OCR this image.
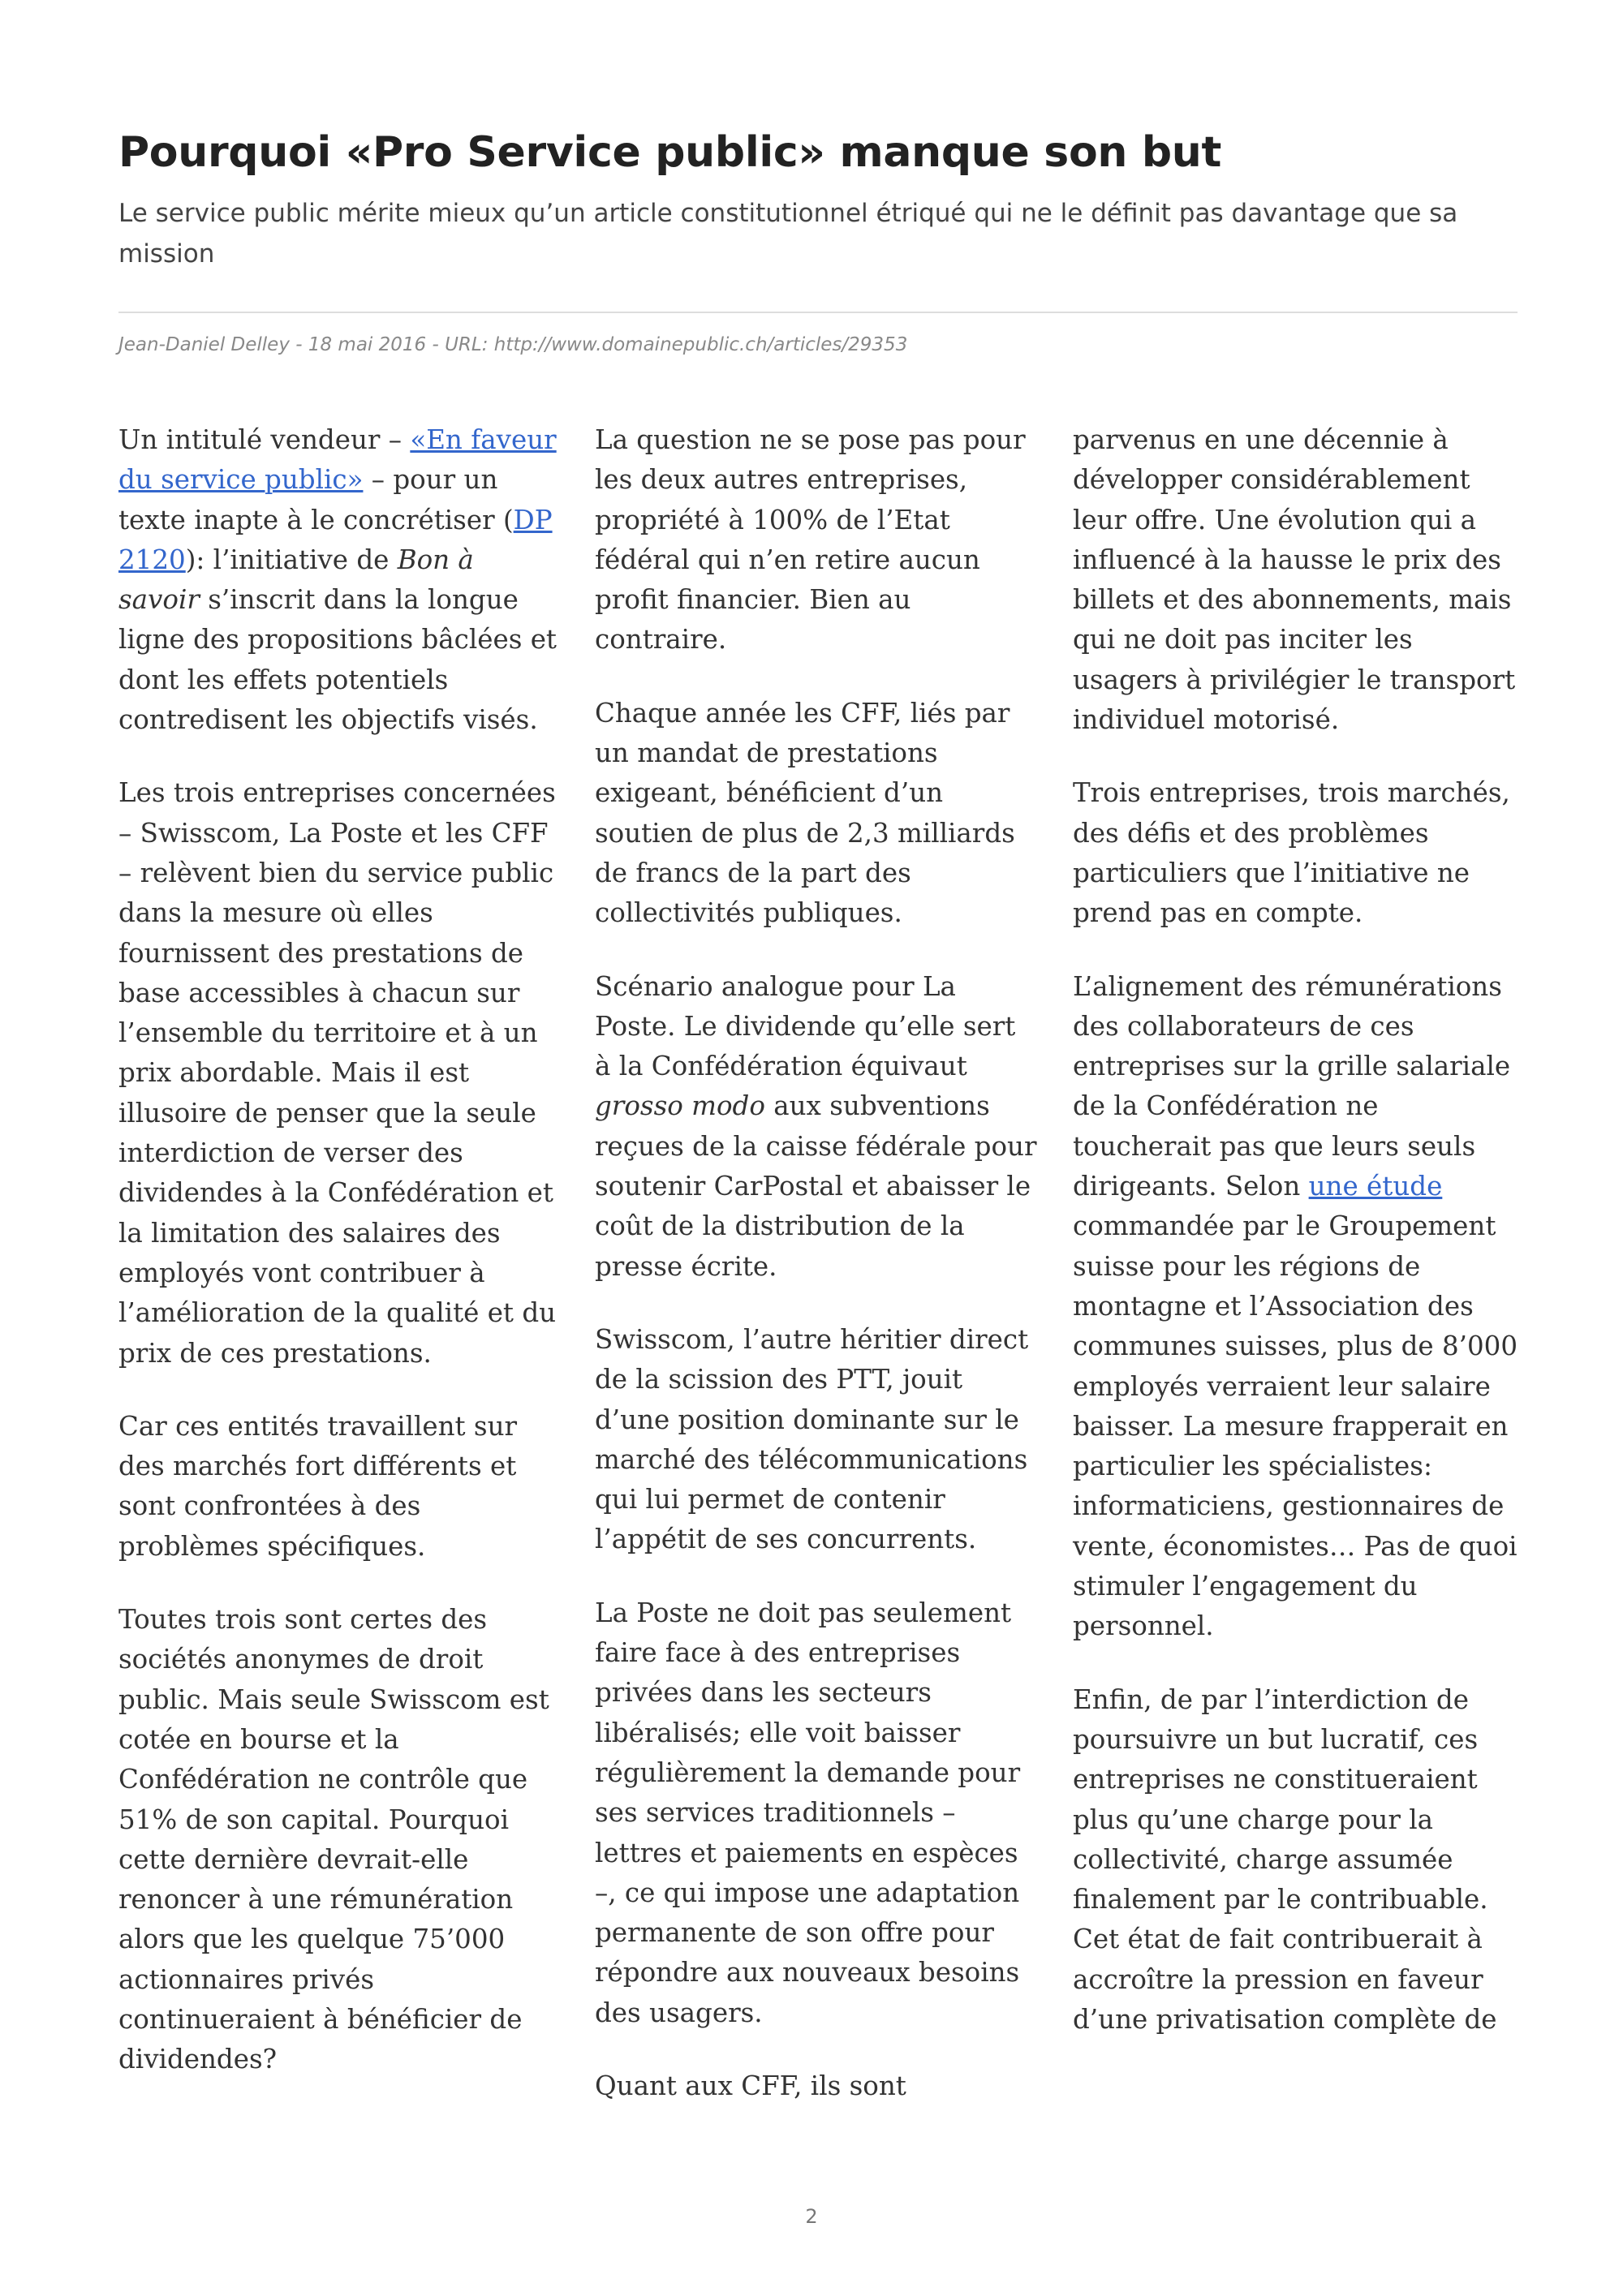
Pourquoi «Pro Service public» manque son but

Le service public mérite mieux qu’un article constitutionnel étriqué qui ne le définit pas davantage que sa mission

Jean-Daniel Delley - 18 mai 2016 - URL: http://www.domainepublic.ch/articles/29353

Un intitulé vendeur – «En faveur du service public» – pour un texte inapte à le concrétiser (DP 2120): l’initiative de Bon à savoir s’inscrit dans la longue ligne des propositions bâclées et dont les effets potentiels contredisent les objectifs visés.

Les trois entreprises concernées – Swisscom, La Poste et les CFF – relèvent bien du service public dans la mesure où elles fournissent des prestations de base accessibles à chacun sur l’ensemble du territoire et à un prix abordable. Mais il est illusoire de penser que la seule interdiction de verser des dividendes à la Confédération et la limitation des salaires des employés vont contribuer à l’amélioration de la qualité et du prix de ces prestations.

Car ces entités travaillent sur des marchés fort différents et sont confrontées à des problèmes spécifiques.

Toutes trois sont certes des sociétés anonymes de droit public. Mais seule Swisscom est cotée en bourse et la Confédération ne contrôle que 51% de son capital. Pourquoi cette dernière devrait-elle renoncer à une rémunération alors que les quelque 75’000 actionnaires privés continueraient à bénéficier de dividendes?

La question ne se pose pas pour les deux autres entreprises, propriété à 100% de l’Etat fédéral qui n’en retire aucun profit financier. Bien au contraire.

Chaque année les CFF, liés par un mandat de prestations exigeant, bénéficient d’un soutien de plus de 2,3 milliards de francs de la part des collectivités publiques.

Scénario analogue pour La Poste. Le dividende qu’elle sert à la Confédération équivaut grosso modo aux subventions reçues de la caisse fédérale pour soutenir CarPostal et abaisser le coût de la distribution de la presse écrite.

Swisscom, l’autre héritier direct de la scission des PTT, jouit d’une position dominante sur le marché des télécommunications qui lui permet de contenir l’appétit de ses concurrents.

La Poste ne doit pas seulement faire face à des entreprises privées dans les secteurs libéralisés; elle voit baisser régulièrement la demande pour ses services traditionnels – lettres et paiements en espèces –, ce qui impose une adaptation permanente de son offre pour répondre aux nouveaux besoins des usagers.

Quant aux CFF, ils sont

parvenus en une décennie à développer considérablement leur offre. Une évolution qui a influencé à la hausse le prix des billets et des abonnements, mais qui ne doit pas inciter les usagers à privilégier le transport individuel motorisé.

Trois entreprises, trois marchés, des défis et des problèmes particuliers que l’initiative ne prend pas en compte.

L’alignement des rémunérations des collaborateurs de ces entreprises sur la grille salariale de la Confédération ne toucherait pas que leurs seuls dirigeants. Selon une étude commandée par le Groupement suisse pour les régions de montagne et l’Association des communes suisses, plus de 8’000 employés verraient leur salaire baisser. La mesure frapperait en particulier les spécialistes: informaticiens, gestionnaires de vente, économistes… Pas de quoi stimuler l’engagement du personnel.

Enfin, de par l’interdiction de poursuivre un but lucratif, ces entreprises ne constitueraient plus qu’une charge pour la collectivité, charge assumée finalement par le contribuable. Cet état de fait contribuerait à accroître la pression en faveur d’une privatisation complète de

2
